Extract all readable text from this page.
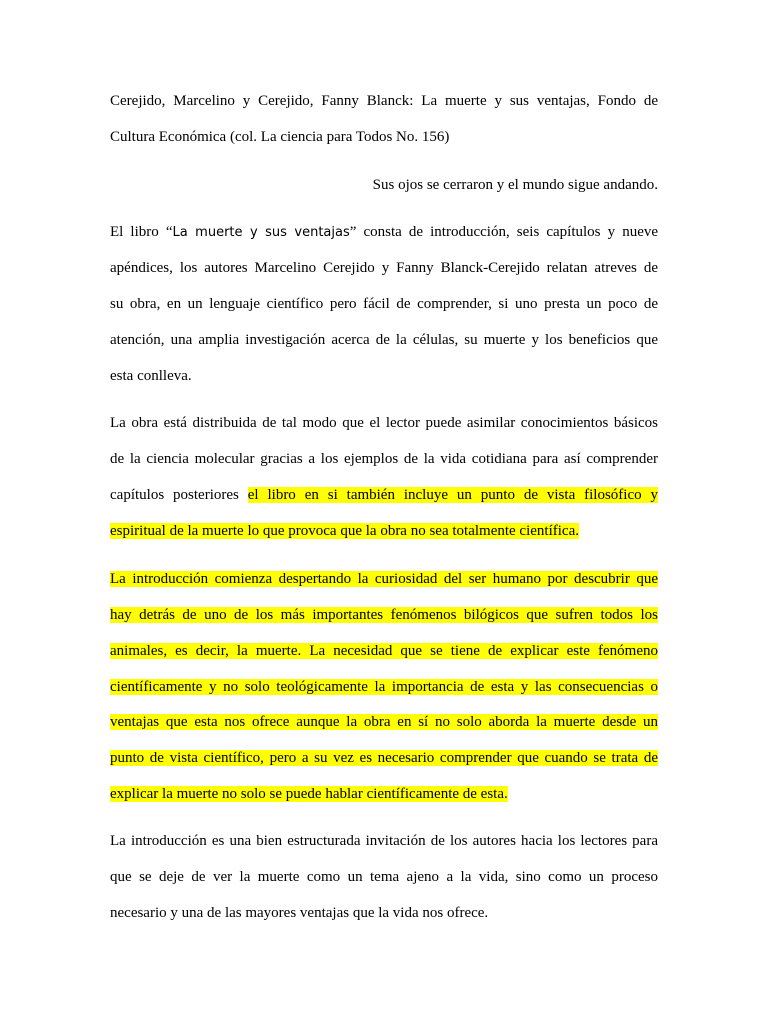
Cerejido, Marcelino y Cerejido, Fanny Blanck: La muerte y sus ventajas, Fondo de
Cultura Económica (col. La ciencia para Todos No. 156)
Sus ojos se cerraron y el mundo sigue andando.
El libro “La muerte y sus ventajas” consta de introducción, seis capítulos y nueve
apéndices, los autores Marcelino Cerejido y Fanny Blanck-Cerejido relatan atreves de
su obra, en un lenguaje científico pero fácil de comprender, si uno presta un poco de
atención, una amplia investigación acerca de la células, su muerte y los beneficios que
esta conlleva.
La obra está distribuida de tal modo que el lector puede asimilar conocimientos básicos
de la ciencia molecular gracias a los ejemplos de la vida cotidiana para así comprender
capítulos posteriores el libro en si también incluye un punto de vista filosófico y
espiritual de la muerte lo que provoca que la obra no sea totalmente científica.
La introducción comienza despertando la curiosidad del ser humano por descubrir que
hay detrás de uno de los más importantes fenómenos bilógicos que sufren todos los
animales, es decir, la muerte. La necesidad que se tiene de explicar este fenómeno
científicamente y no solo teológicamente la importancia de esta y las consecuencias o
ventajas que esta nos ofrece aunque la obra en sí no solo aborda la muerte desde un
punto de vista científico, pero a su vez es necesario comprender que cuando se trata de
explicar la muerte no solo se puede hablar científicamente de esta.
La introducción es una bien estructurada invitación de los autores hacia los lectores para
que se deje de ver la muerte como un tema ajeno a la vida, sino como un proceso
necesario y una de las mayores ventajas que la vida nos ofrece.
